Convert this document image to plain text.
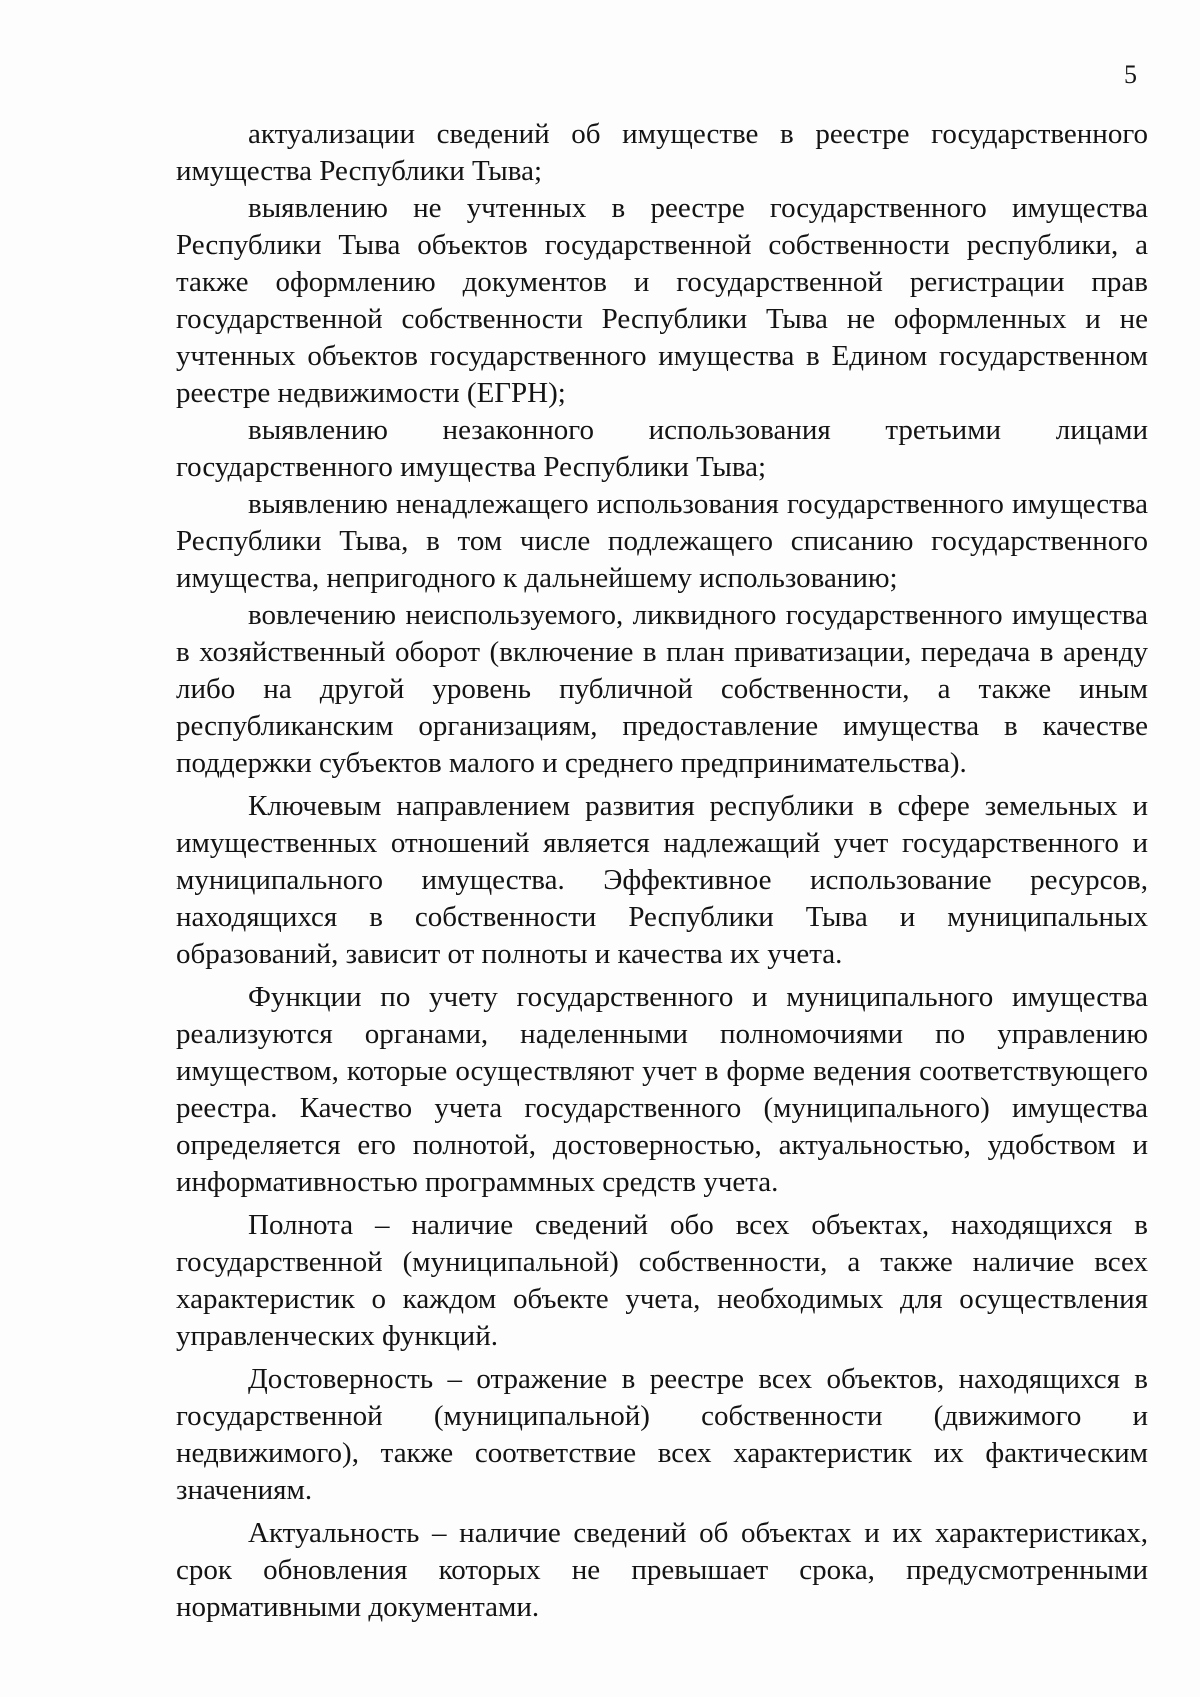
5

актуализации сведений об имуществе в реестре государственного имущества Республики Тыва;

выявлению не учтенных в реестре государственного имущества Республики Тыва объектов государственной собственности республики, а также оформлению документов и государственной регистрации прав государственной собственности Республики Тыва не оформленных и не учтенных объектов государственного имущества в Едином государственном реестре недвижимости (ЕГРН);

выявлению незаконного использования третьими лицами государственного имущества Республики Тыва;

выявлению ненадлежащего использования государственного имущества Республики Тыва, в том числе подлежащего списанию государственного имущества, непригодного к дальнейшему использованию;

вовлечению неиспользуемого, ликвидного государственного имущества в хозяйственный оборот (включение в план приватизации, передача в аренду либо на другой уровень публичной собственности, а также иным республиканским организациям, предоставление имущества в качестве поддержки субъектов малого и среднего предпринимательства).

Ключевым направлением развития республики в сфере земельных и имущественных отношений является надлежащий учет государственного и муниципального имущества. Эффективное использование ресурсов, находящихся в собственности Республики Тыва и муниципальных образований, зависит от полноты и качества их учета.

Функции по учету государственного и муниципального имущества реализуются органами, наделенными полномочиями по управлению имуществом, которые осуществляют учет в форме ведения соответствующего реестра. Качество учета государственного (муниципального) имущества определяется его полнотой, достоверностью, актуальностью, удобством и информативностью программных средств учета.

Полнота – наличие сведений обо всех объектах, находящихся в государственной (муниципальной) собственности, а также наличие всех характеристик о каждом объекте учета, необходимых для осуществления управленческих функций.

Достоверность – отражение в реестре всех объектов, находящихся в государственной (муниципальной) собственности (движимого и недвижимого), также соответствие всех характеристик их фактическим значениям.

Актуальность – наличие сведений об объектах и их характеристиках, срок обновления которых не превышает срока, предусмотренными нормативными документами.
